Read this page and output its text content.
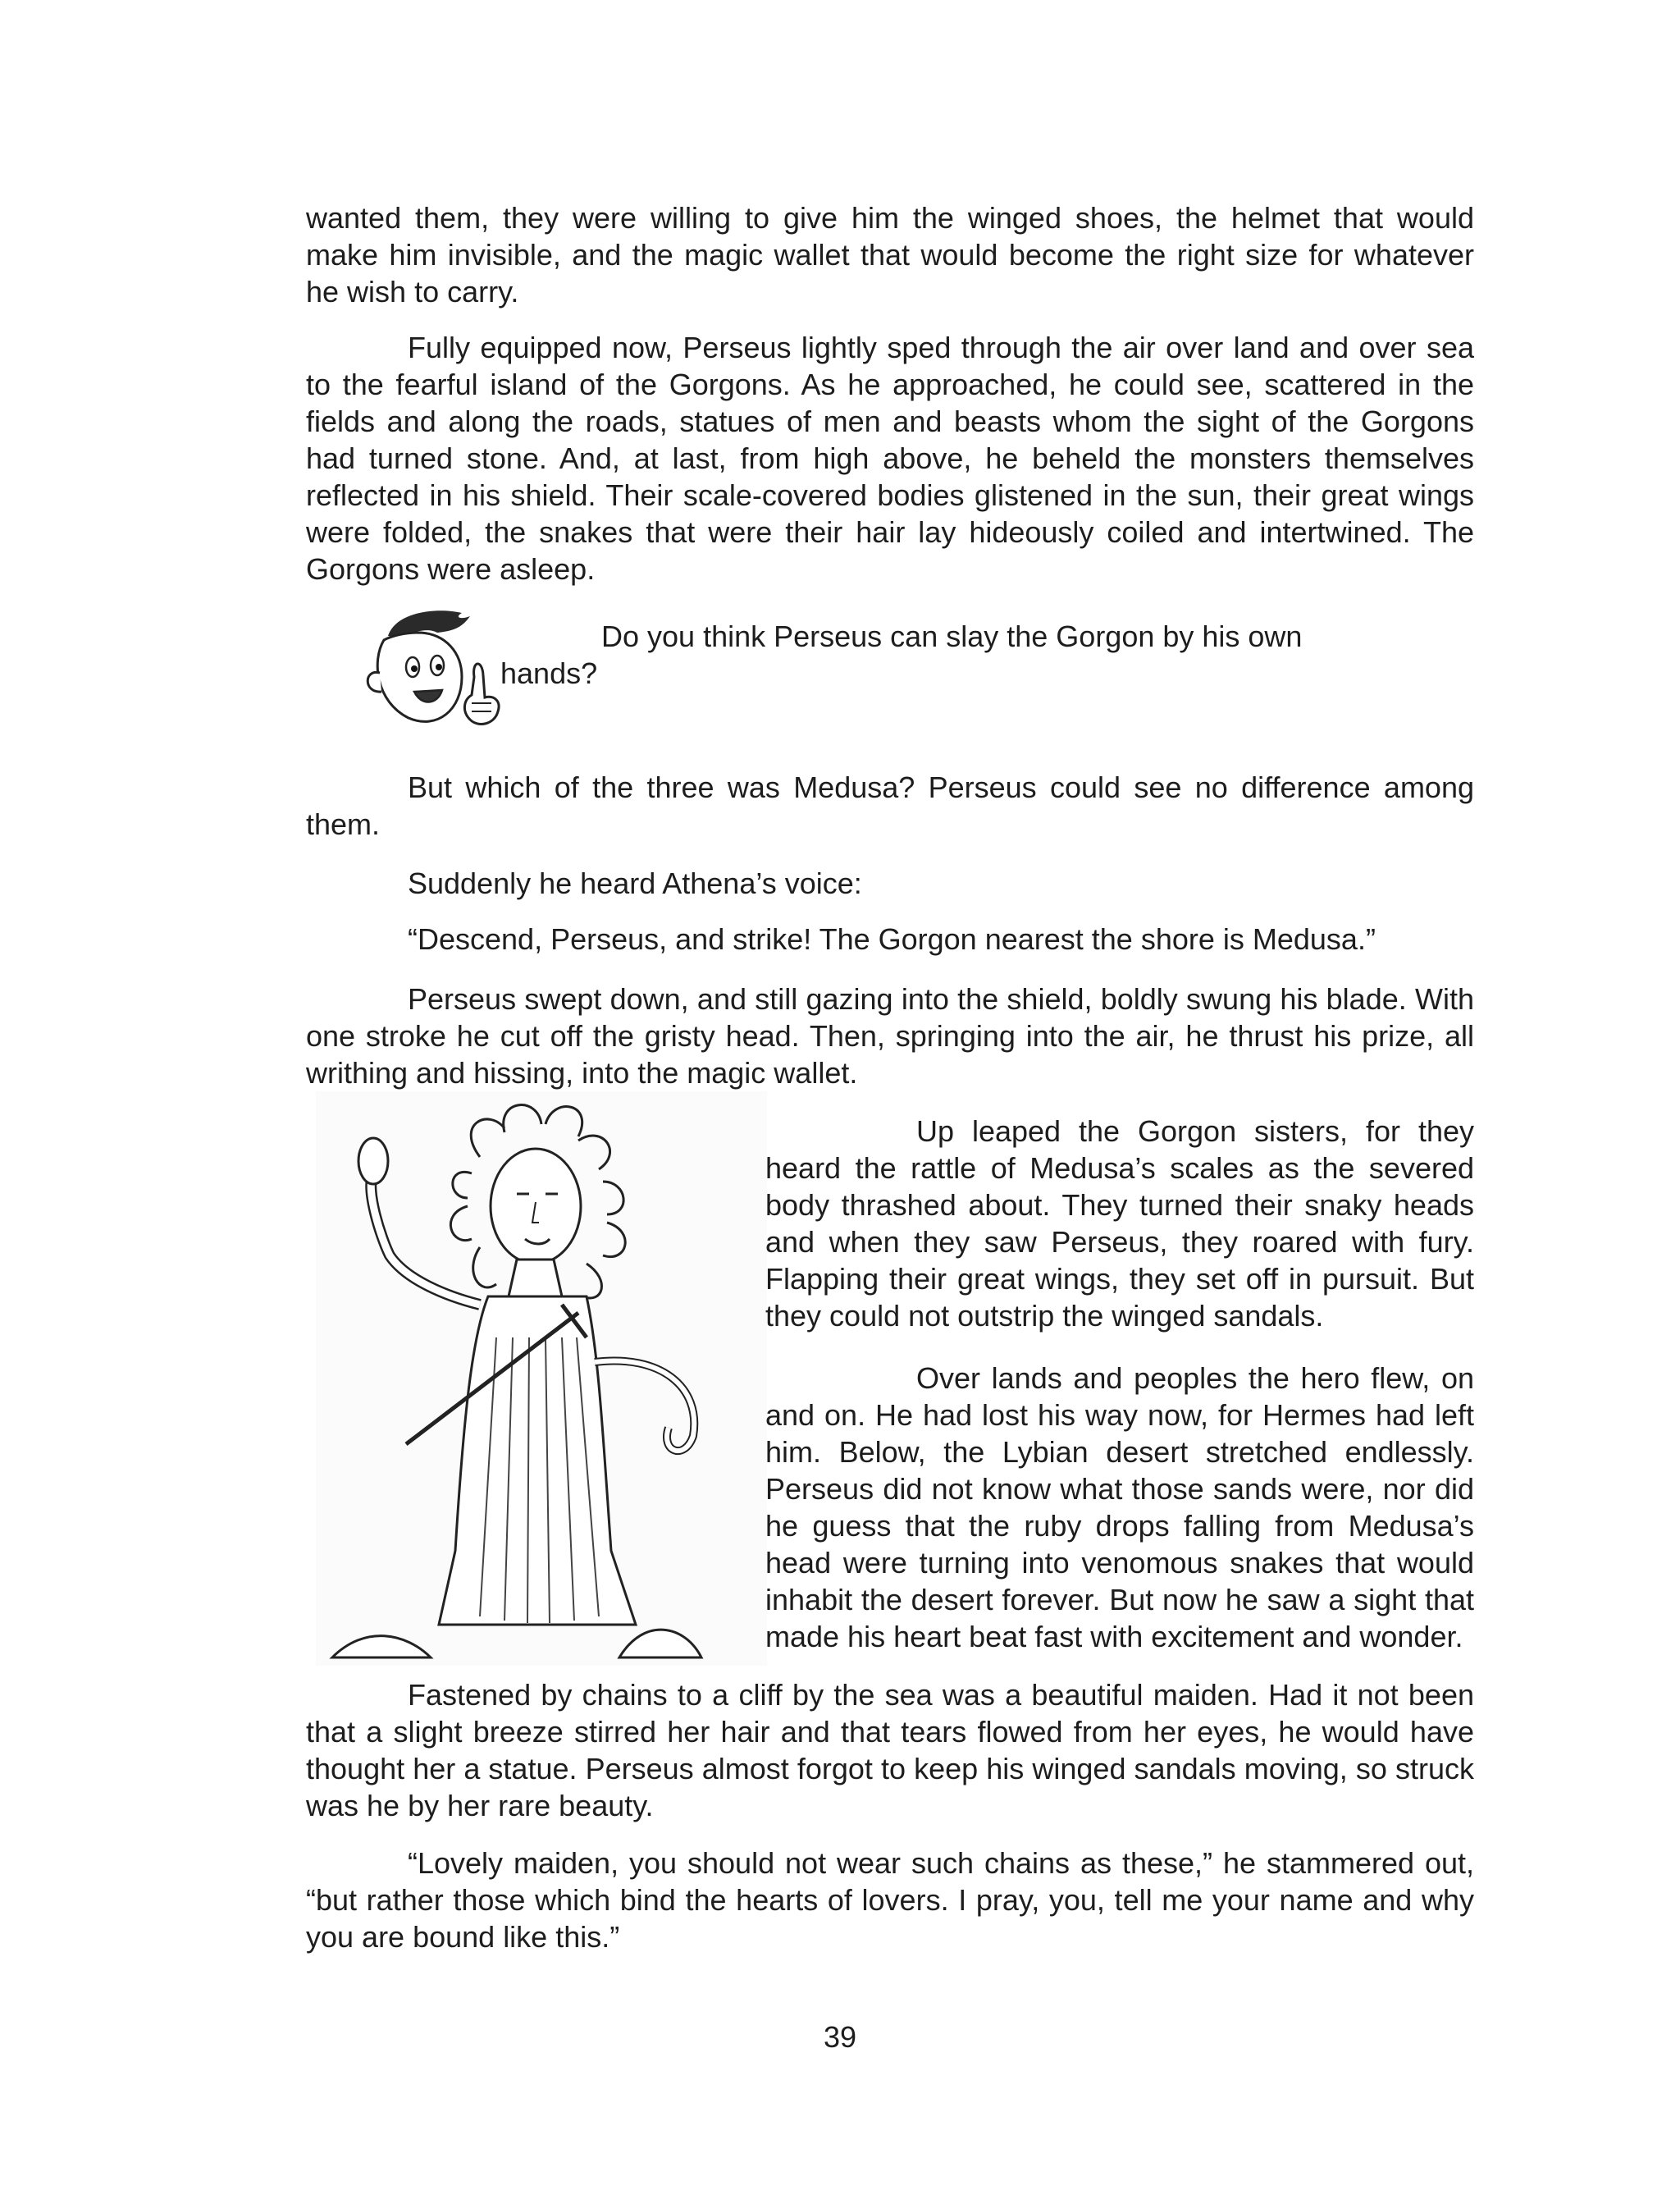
wanted them, they were willing to give him the winged shoes, the helmet that would make him invisible, and the magic wallet that would become the right size for whatever he wish to carry.

Fully equipped now, Perseus lightly sped through the air over land and over sea to the fearful island of the Gorgons. As he approached, he could see, scattered in the fields and along the roads, statues of men and beasts whom the sight of the Gorgons had turned stone. And, at last, from high above, he beheld the monsters themselves reflected in his shield. Their scale-covered bodies glistened in the sun, their great wings were folded, the snakes that were their hair lay hideously coiled and intertwined. The Gorgons were asleep.

Do you think Perseus can slay the Gorgon by his own
hands?

But which of the three was Medusa? Perseus could see no difference among them.

Suddenly he heard Athena’s voice:

“Descend, Perseus, and strike! The Gorgon nearest the shore is Medusa.”

Perseus swept down, and still gazing into the shield, boldly swung his blade. With one stroke he cut off the gristy head. Then, springing into the air, he thrust his prize, all writhing and hissing, into the magic wallet.

Up leaped the Gorgon sisters, for they heard the rattle of Medusa’s scales as the severed body thrashed about. They turned their snaky heads and when they saw Perseus, they roared with fury. Flapping their great wings, they set off in pursuit. But they could not outstrip the winged sandals.

Over lands and peoples the hero flew, on and on. He had lost his way now, for Hermes had left him. Below, the Lybian desert stretched endlessly. Perseus did not know what those sands were, nor did he guess that the ruby drops falling from Medusa’s head were turning into venomous snakes that would inhabit the desert forever. But now he saw a sight that made his heart beat fast with excitement and wonder.

Fastened by chains to a cliff by the sea was a beautiful maiden. Had it not been that a slight breeze stirred her hair and that tears flowed from her eyes, he would have thought her a statue. Perseus almost forgot to keep his winged sandals moving, so struck was he by her rare beauty.

“Lovely maiden, you should not wear such chains as these,” he stammered out, “but rather those which bind the hearts of lovers. I pray, you, tell me your name and why you are bound like this.”

39
